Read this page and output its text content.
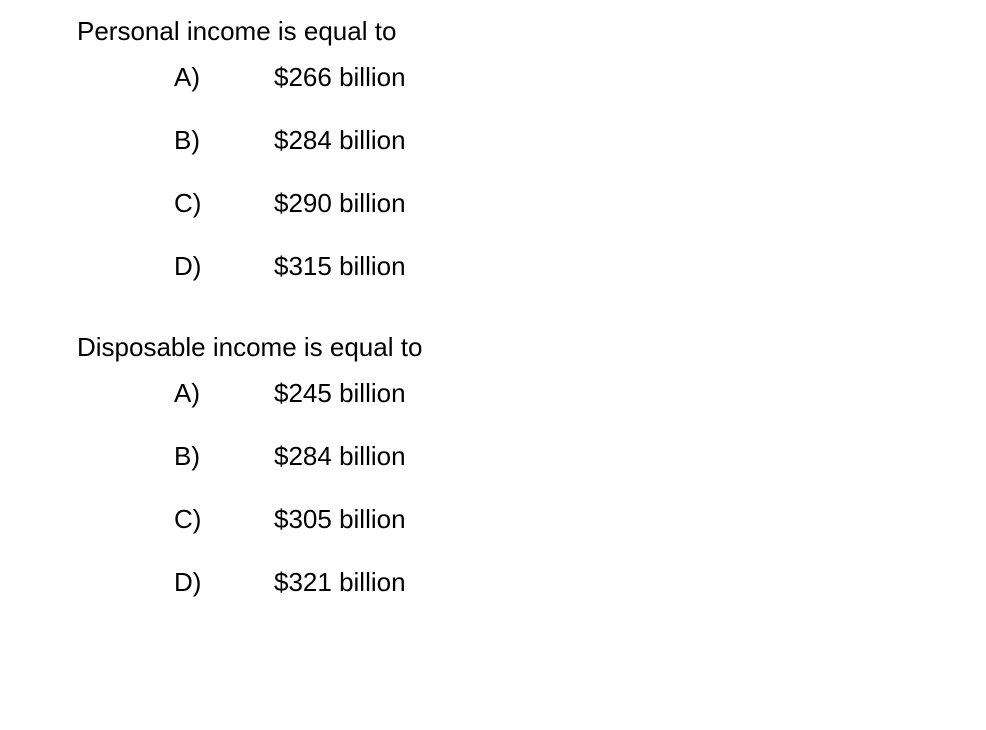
Personal income is equal to
A)	$266 billion
B)	$284 billion
C)	$290 billion
D)	$315 billion
Disposable income is equal to
A)	$245 billion
B)	$284 billion
C)	$305 billion
D)	$321 billion
